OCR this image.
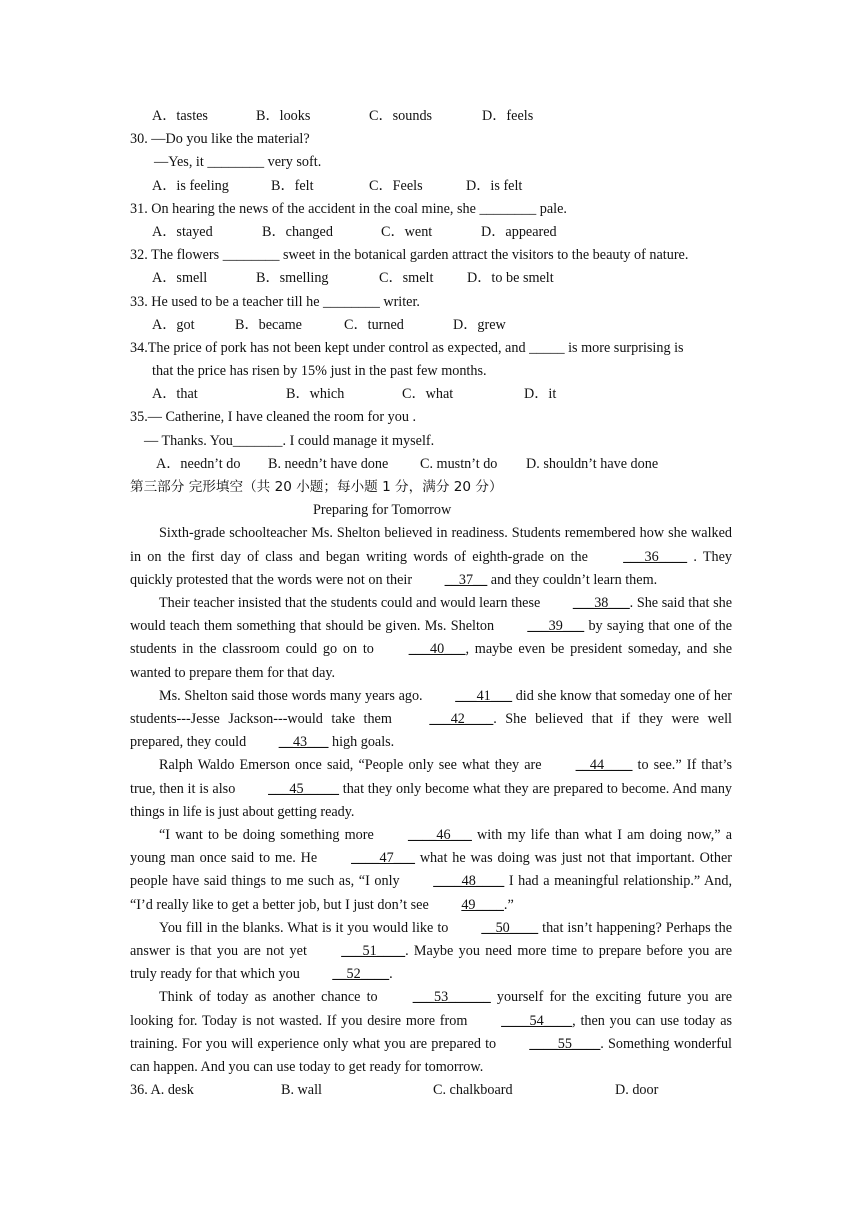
A．tastes	B．looks	C．sounds	D．feels
30. —Do you like the material?
—Yes, it ________ very soft.
A．is feeling	B．felt	C．Feels	D．is felt
31. On hearing the news of the accident in the coal mine, she ________ pale.
A．stayed	B．changed	C．went	D．appeared
32. The flowers ________ sweet in the botanical garden attract the visitors to the beauty of nature.
A．smell	B．smelling	C．smelt	D．to be smelt
33. He used to be a teacher till he ________ writer.
A．got	B．became	C．turned	D．grew
34.The price of pork has not been kept under control as expected, and _____ is more surprising is
that the price has risen by 15% just in the past few months.
A．that	B．which	C．what	D．it
35.— Catherine, I have cleaned the room for you .
— Thanks. You_______. I could manage it myself.
A．needn’t do	B. needn’t have done	C. mustn’t do	D. shouldn’t have done
第三部分 完形填空（共 20 小题；每小题 1 分，满分 20 分）
Preparing for Tomorrow
Sixth-grade schoolteacher Ms. Shelton believed in readiness. Students remembered how she walked in on the first day of class and began writing words of eighth-grade on the ___36____ . They quickly protested that the words were not on their __37__ and they couldn’t learn them.
Their teacher insisted that the students could and would learn these ___38___. She said that she would teach them something that should be given. Ms. Shelton ___39___ by saying that one of the students in the classroom could go on to ___40___, maybe even be president someday, and she wanted to prepare them for that day.
Ms. Shelton said those words many years ago. ___41___ did she know that someday one of her students---Jesse Jackson---would take them	___42____. She believed that if they were well prepared, they could __43___ high goals.
Ralph Waldo Emerson once said, “People only see what they are __44____ to see.” If that’s true, then it is also ___45_____ that they only become what they are prepared to become. And many things in life is just about getting ready.
“I want to be doing something more ____46___ with my life than what I am doing now,” a young man once said to me. He ____47___ what he was doing was just not that important. Other people have said things to me such as, “I only ____48____ I had a meaningful relationship.” And, “I’d really like to get a better job, but I just don’t see 49____.”
You fill in the blanks. What is it you would like to __50____ that isn’t happening? Perhaps the answer is that you are not yet ___51____. Maybe you need more time to prepare before you are truly ready for that which you __52____.
Think of today as another chance to ___53______ yourself for the exciting future you are looking for. Today is not wasted. If you desire more from ____54____, then you can use today as training. For you will experience only what you are prepared to ____55____. Something wonderful can happen. And you can use today to get ready for tomorrow.
36. A. desk	B. wall	C. chalkboard	D. door
